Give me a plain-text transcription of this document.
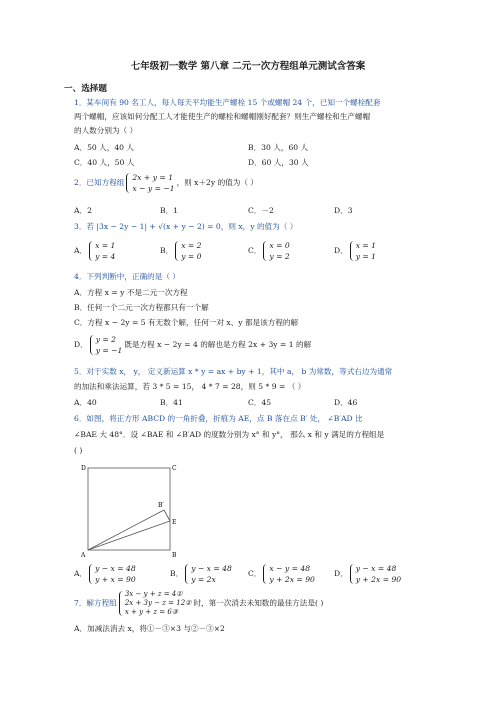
七年级初一数学 第八章 二元一次方程组单元测试含答案
一、选择题
1．某车间有 90 名工人，每人每天平均能生产螺栓 15 个或螺帽 24 个，已知一个螺栓配套
两个螺帽，应该如何分配工人才能使生产的螺栓和螺帽刚好配套？则生产螺栓和生产螺帽
的人数分别为（ ）
A．50 人，40 人	B．30 人，60 人
C．40 人，50 人	D．60 人，30 人
2．已知方程组
2x + y = 1
x − y = −1
，则 x＋2y 的值为（ ）
A．2	B．1	C．－2	D．3
3．若 |3x − 2y − 1| + √(x + y − 2) = 0，则 x，y 的值为（ ）
A．
x = 1
y = 4
B．
x = 2
y = 0
C．
x = 0
y = 2
D．
x = 1
y = 1
4．下列判断中，正确的是（ ）
A．方程 x = y 不是二元一次方程
B．任何一个二元一次方程都只有一个解
C．方程 x − 2y = 5 有无数个解，任何一对 x、y 都是该方程的解
D．
y = 2
y = −1
既是方程 x − 2y = 4 的解也是方程 2x + 3y = 1 的解
5．对于实数 x， y， 定义新运算 x * y = ax + by + 1，其中 a， b 为常数，等式右边为通常
的加法和乘法运算，若 3 * 5 = 15， 4 * 7 = 28，则 5 * 9 = （ ）
A．40	B．41	C．45	D．46
6．如图，将正方形 ABCD 的一角折叠，折痕为 AE，点 B 落在点 B′ 处， ∠B′AD 比
∠BAE 大 48°．设 ∠BAE 和 ∠B′AD 的度数分别为 x° 和 y°， 那么 x 和 y 满足的方程组是
( )
D	C
B′
E
A	B
A．
y − x = 48
y + x = 90
B．
y − x = 48
y = 2x
C．
x − y = 48
y + 2x = 90
D．
y − x = 48
y + 2x = 90
7．解方程组
3x − y + z = 4①
2x + 3y − z = 12②
x + y + z = 6③
时，第一次消去未知数的最佳方法是( )
A．加减法消去 x，将①－③×3 与②－③×2
